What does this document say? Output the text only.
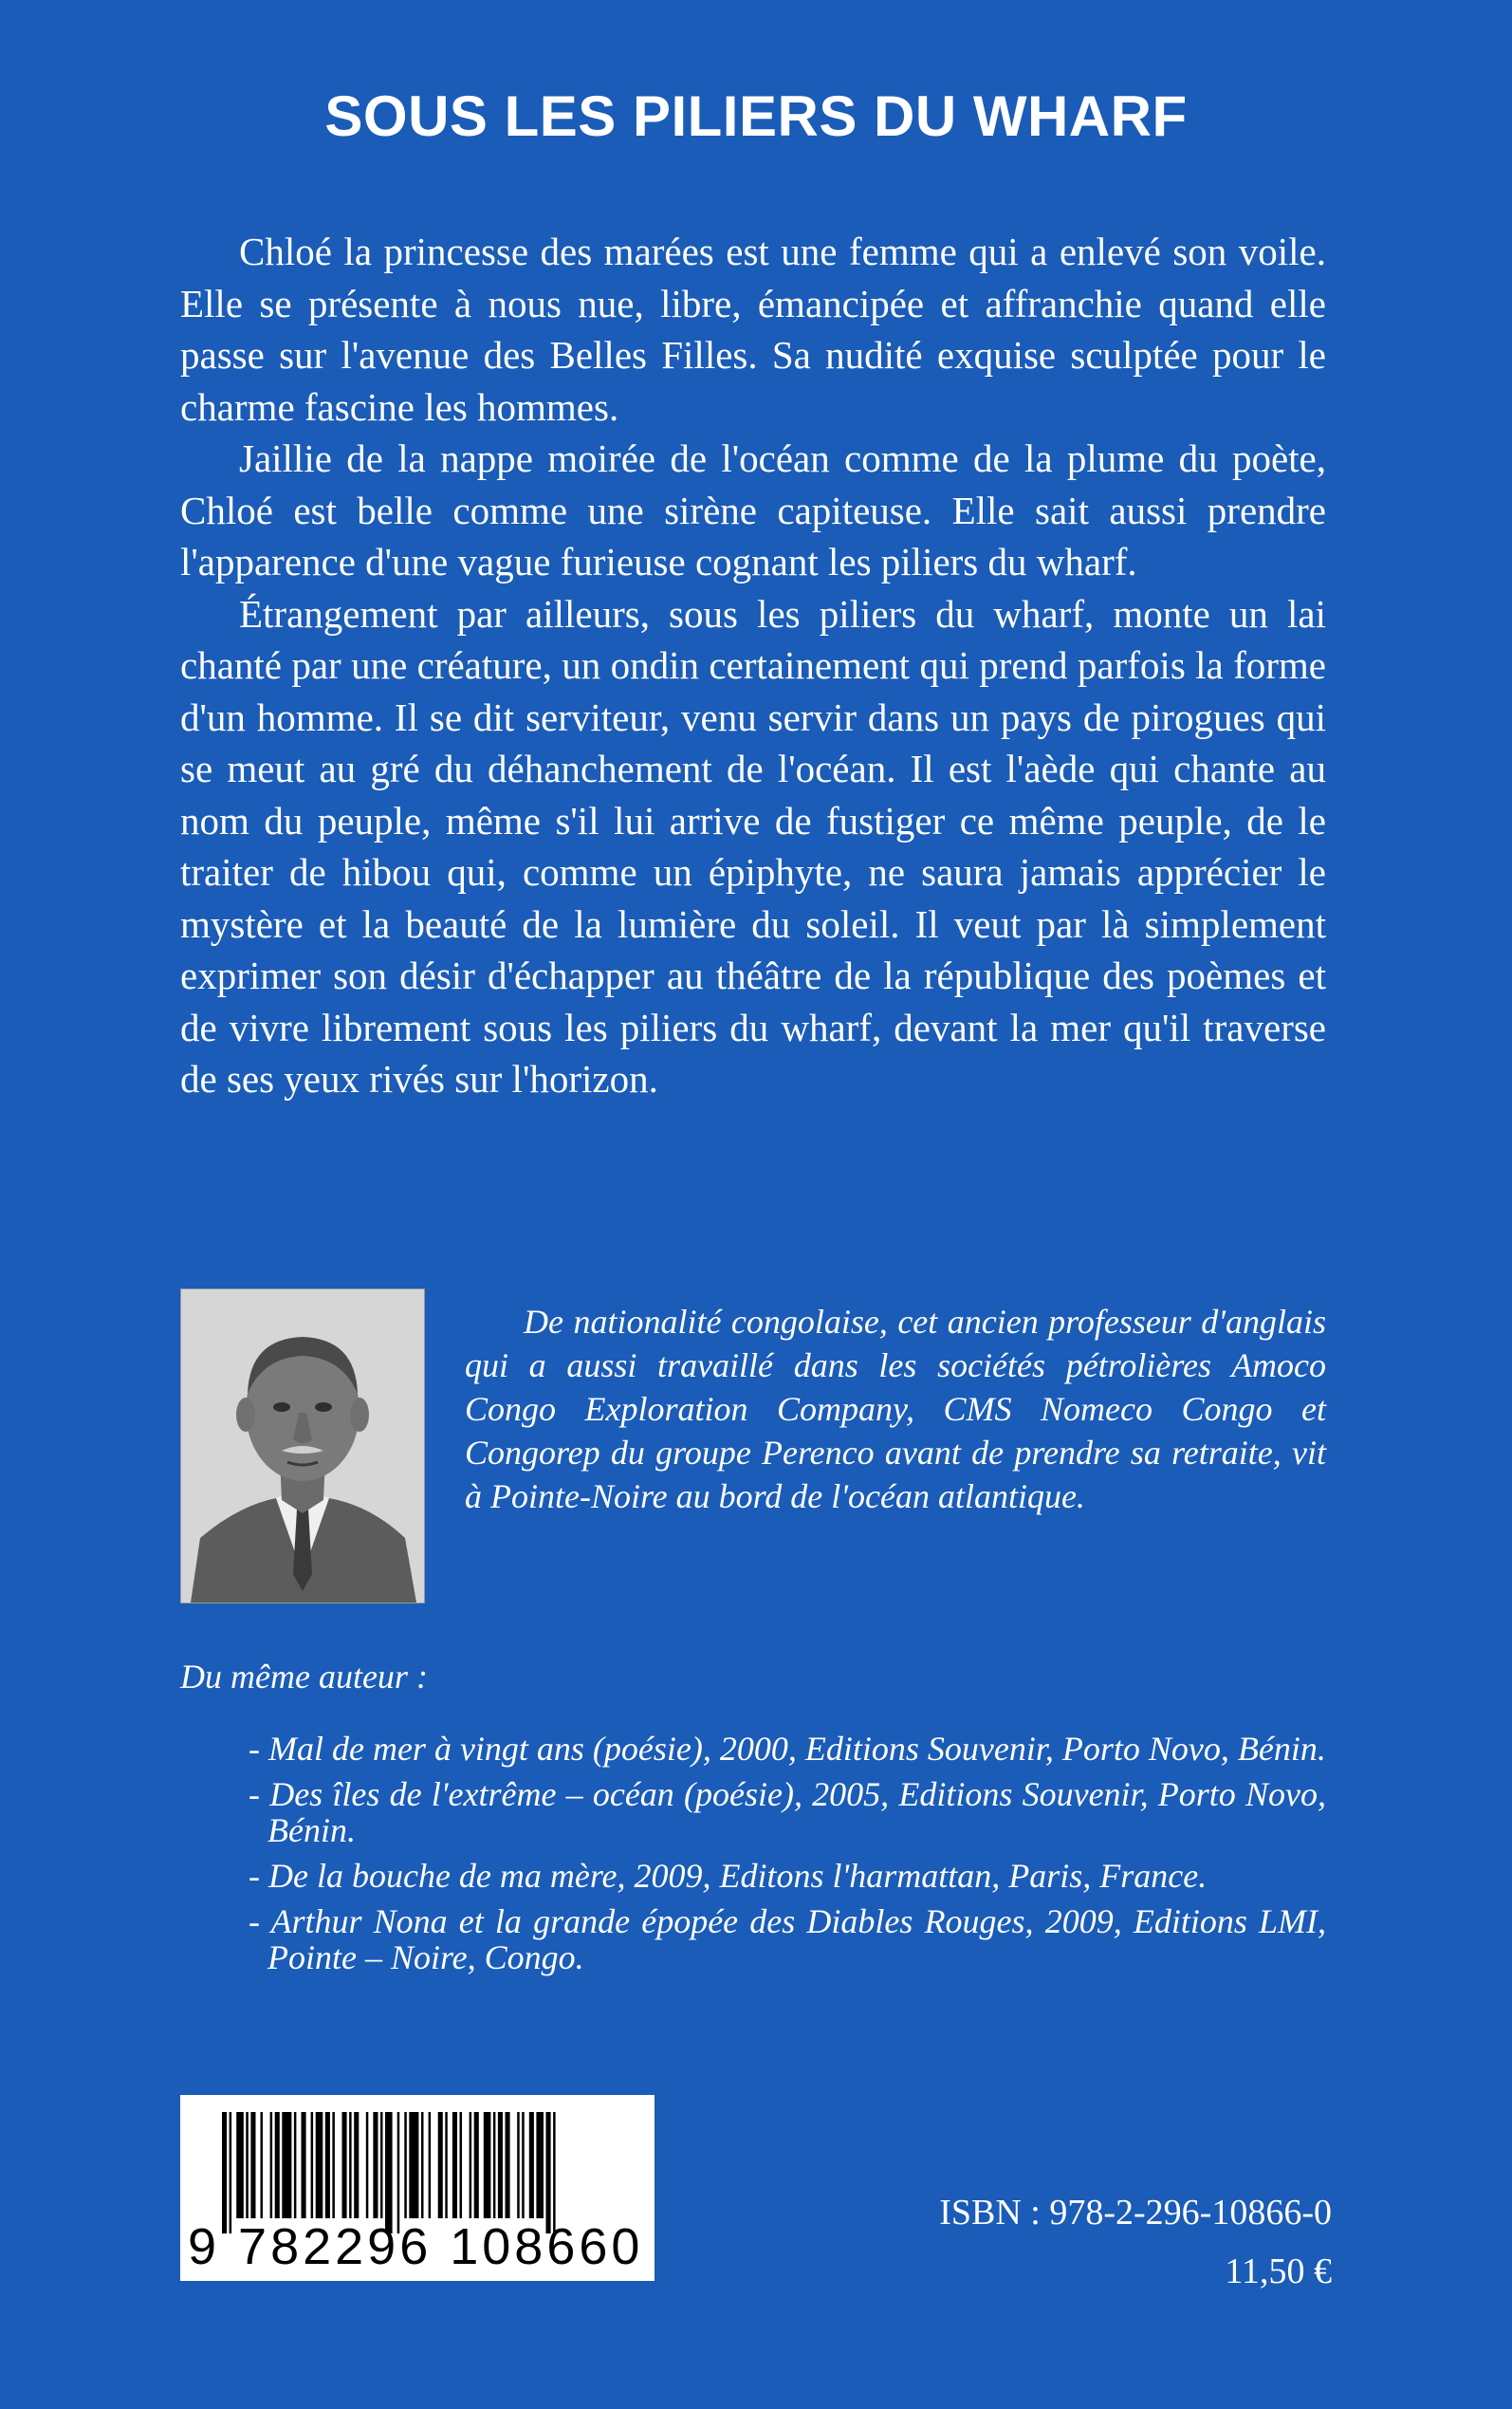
SOUS LES PILIERS DU WHARF

Chloé la princesse des marées est une femme qui a enlevé son voile. Elle se présente à nous nue, libre, émancipée et affranchie quand elle passe sur l'avenue des Belles Filles. Sa nudité exquise sculptée pour le charme fascine les hommes.

Jaillie de la nappe moirée de l'océan comme de la plume du poète, Chloé est belle comme une sirène capiteuse. Elle sait aussi prendre l'apparence d'une vague furieuse cognant les piliers du wharf.

Étrangement par ailleurs, sous les piliers du wharf, monte un lai chanté par une créature, un ondin certainement qui prend parfois la forme d'un homme. Il se dit serviteur, venu servir dans un pays de pirogues qui se meut au gré du déhanchement de l'océan. Il est l'aède qui chante au nom du peuple, même s'il lui arrive de fustiger ce même peuple, de le traiter de hibou qui, comme un épiphyte, ne saura jamais apprécier le mystère et la beauté de la lumière du soleil. Il veut par là simplement exprimer son désir d'échapper au théâtre de la république des poèmes et de vivre librement sous les piliers du wharf, devant la mer qu'il traverse de ses yeux rivés sur l'horizon.

De nationalité congolaise, cet ancien professeur d'anglais qui a aussi travaillé dans les sociétés pétrolières Amoco Congo Exploration Company, CMS Nomeco Congo et Congorep du groupe Perenco avant de prendre sa retraite, vit à Pointe-Noire au bord de l'océan atlantique.

Du même auteur :

- Mal de mer à vingt ans (poésie), 2000, Editions Souvenir, Porto Novo, Bénin.
- Des îles de l'extrême – océan (poésie), 2005, Editions Souvenir, Porto Novo, Bénin.
- De la bouche de ma mère, 2009, Editons l'harmattan, Paris, France.
- Arthur Nona et la grande épopée des Diables Rouges, 2009, Editions LMI, Pointe – Noire, Congo.
9 782296 108660

ISBN : 978-2-296-10866-0

11,50 €
